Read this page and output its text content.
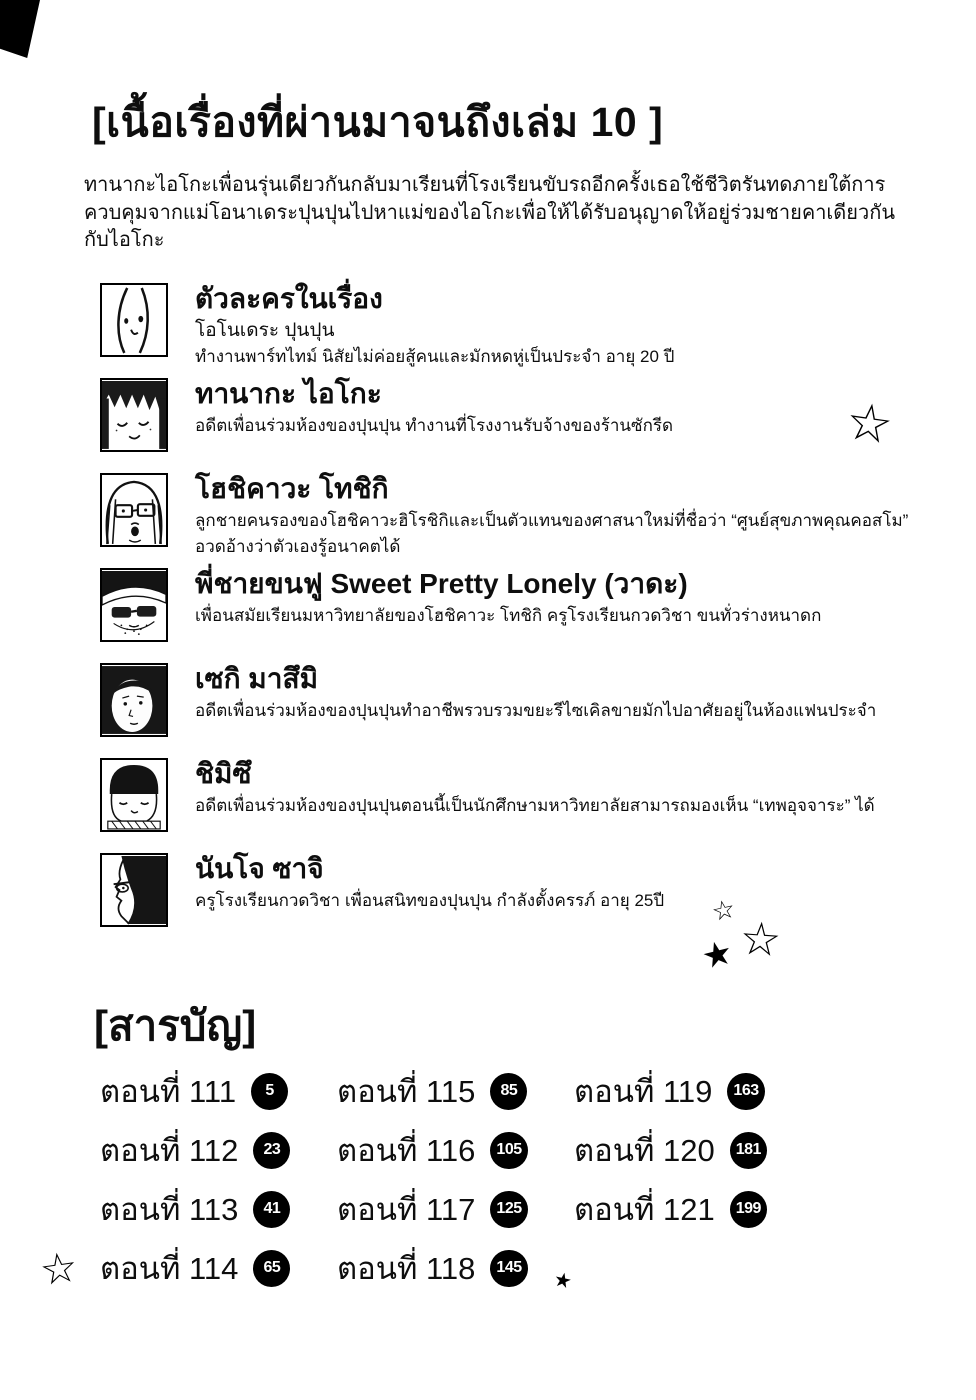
[เนื้อเรื่องที่ผ่านมาจนถึงเล่ม 10 ]
ทานากะไอโกะเพื่อนรุ่นเดียวกันกลับมาเรียนที่โรงเรียนขับรถอีกครั้งเธอใช้ชีวิตรันทดภายใต้การ
ควบคุมจากแม่โอนาเดระปุนปุนไปหาแม่ของไอโกะเพื่อให้ได้รับอนุญาดให้อยู่ร่วมชายคาเดียวกัน
กับไอโกะ
ตัวละครในเรื่อง
โอโนเดระ ปุนปุน
ทำงานพาร์ทไทม์ นิสัยไม่ค่อยสู้คนและมักหดหู่เป็นประจำ อายุ 20 ปี
ทานากะ ไอโกะ
อดีตเพื่อนร่วมห้องของปุนปุน ทำงานที่โรงงานรับจ้างของร้านซักรีด
โฮชิคาวะ โทชิกิ
ลูกชายคนรองของโฮชิคาวะฮิโรชิกิและเป็นตัวแทนของศาสนาใหม่ที่ชื่อว่า “ศูนย์สุขภาพคุณคอสโม” อวดอ้างว่าตัวเองรู้อนาคตได้
พี่ชายขนฟู Sweet Pretty Lonely (วาดะ)
เพื่อนสมัยเรียนมหาวิทยาลัยของโฮชิคาวะ โทชิกิ ครูโรงเรียนกวดวิชา ขนทั่วร่างหนาดก
เซกิ มาสึมิ
อดีตเพื่อนร่วมห้องของปุนปุนทำอาชีพรวบรวมขยะรีไซเคิลขายมักไปอาศัยอยู่ในห้องแฟนประจำ
ชิมิซึ
อดีตเพื่อนร่วมห้องของปุนปุนตอนนี้เป็นนักศึกษามหาวิทยาลัยสามารถมองเห็น “เทพอุจจาระ” ได้
นันโจ ซาจิ
ครูโรงเรียนกวดวิชา เพื่อนสนิทของปุนปุน กำลังตั้งครรภ์ อายุ 25ปี
☆
☆ ☆
★
☆	★
[สารบัญ]
ตอนที่ 111	5	ตอนที่ 115	85	ตอนที่ 119	163
ตอนที่ 112	23	ตอนที่ 116	105 ตอนที่ 120	181
ตอนที่ 113	41	ตอนที่ 117	125 ตอนที่ 121	199
ตอนที่ 114	65	ตอนที่ 118	145
